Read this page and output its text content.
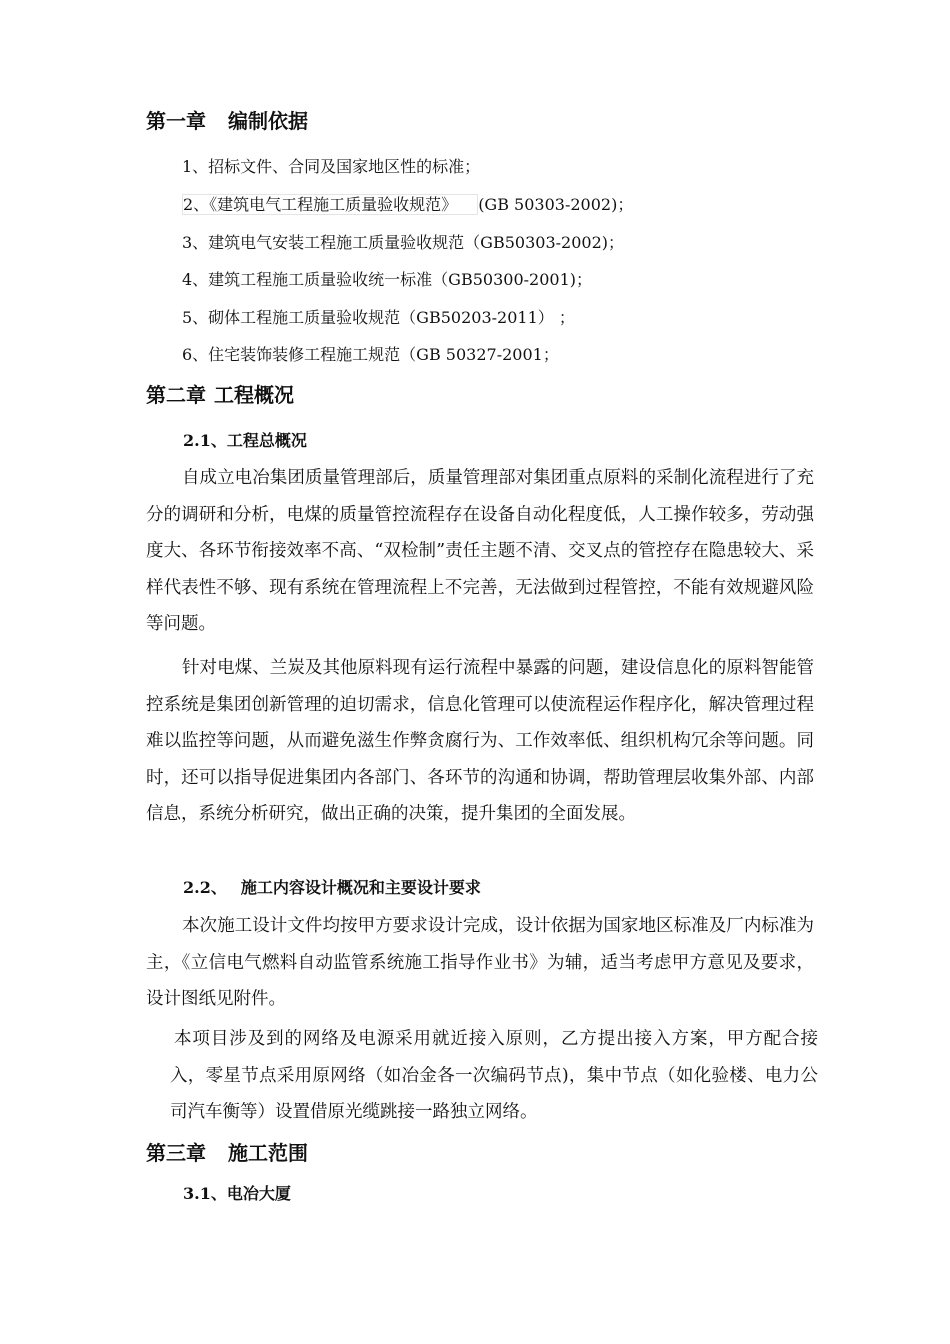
第一章 编制依据
1、招标文件、合同及国家地区性的标准；
2、《建筑电气工程施工质量验收规范》 (GB 50303-2002)；
3、建筑电气安装工程施工质量验收规范（GB50303-2002)；
4、建筑工程施工质量验收统一标准（GB50300-2001)；
5、砌体工程施工质量验收规范（GB50203-2011） ；
6、住宅装饰装修工程施工规范（GB 50327-2001；
第二章 工程概况
2.1、工程总概况
自成立电冶集团质量管理部后，质量管理部对集团重点原料的采制化流程进行了充分的调研和分析，电煤的质量管控流程存在设备自动化程度低，人工操作较多，劳动强度大、各环节衔接效率不高、“双检制”责任主题不清、交叉点的管控存在隐患较大、采样代表性不够、现有系统在管理流程上不完善，无法做到过程管控，不能有效规避风险等问题。
针对电煤、兰炭及其他原料现有运行流程中暴露的问题，建设信息化的原料智能管控系统是集团创新管理的迫切需求，信息化管理可以使流程运作程序化，解决管理过程难以监控等问题，从而避免滋生作弊贪腐行为、工作效率低、组织机构冗余等问题。同时，还可以指导促进集团内各部门、各环节的沟通和协调，帮助管理层收集外部、内部信息，系统分析研究，做出正确的决策，提升集团的全面发展。
2.2、 施工内容设计概况和主要设计要求
本次施工设计文件均按甲方要求设计完成，设计依据为国家地区标准及厂内标准为主，《立信电气燃料自动监管系统施工指导作业书》为辅，适当考虑甲方意见及要求，设计图纸见附件。
本项目涉及到的网络及电源采用就近接入原则，乙方提出接入方案，甲方配合接入，零星节点采用原网络（如冶金各一次编码节点)，集中节点（如化验楼、电力公司汽车衡等）设置借原光缆跳接一路独立网络。
第三章 施工范围
3.1、电冶大厦
